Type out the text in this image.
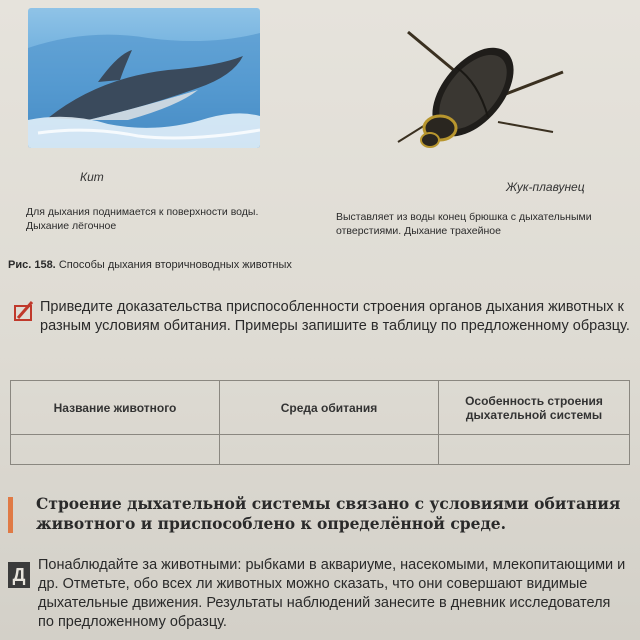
Кит
Жук-плавунец
Для дыхания поднимается к поверхности воды. Дыхание лёгочное
Выставляет из воды конец брюшка с дыхательными отверстиями. Дыхание трахейное
Рис. 158. Способы дыхания вторичноводных животных
Приведите доказательства приспособленности строения органов дыхания животных к разным условиям обитания. Примеры запишите в таблицу по предложенному образцу.
Название животного	Среда обитания	Особенность строения дыхательной системы

Строение дыхательной системы связано с условиями обитания животного и приспособлено к определённой среде.
Д Понаблюдайте за животными: рыбками в аквариуме, насекомыми, млекопитающими и др. Отметьте, обо всех ли животных можно сказать, что они совершают видимые дыхательные движения. Результаты наблюдений занесите в дневник исследователя по предложенному образцу.
